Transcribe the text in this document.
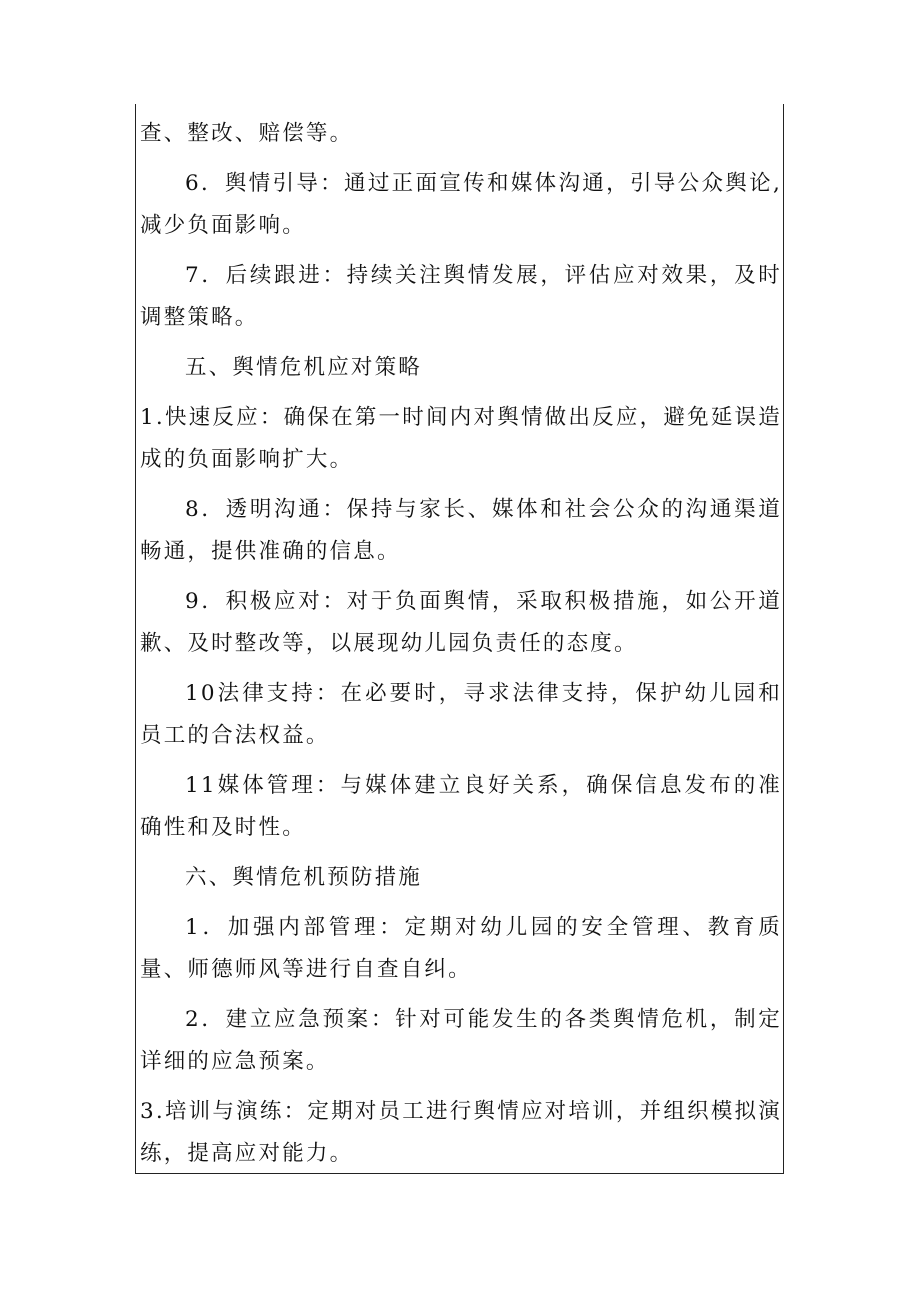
查、整改、赔偿等。

6．舆情引导：通过正面宣传和媒体沟通，引导公众舆论,减少负面影响。

7．后续跟进：持续关注舆情发展，评估应对效果，及时调整策略。

五、舆情危机应对策略

1.快速反应：确保在第一时间内对舆情做出反应，避免延误造成的负面影响扩大。

8．透明沟通：保持与家长、媒体和社会公众的沟通渠道畅通，提供准确的信息。

9．积极应对：对于负面舆情，采取积极措施，如公开道歉、及时整改等，以展现幼儿园负责任的态度。

10法律支持：在必要时，寻求法律支持，保护幼儿园和员工的合法权益。

11媒体管理：与媒体建立良好关系，确保信息发布的准确性和及时性。

六、舆情危机预防措施

1．加强内部管理：定期对幼儿园的安全管理、教育质量、师德师风等进行自查自纠。

2．建立应急预案：针对可能发生的各类舆情危机，制定详细的应急预案。

3.培训与演练：定期对员工进行舆情应对培训，并组织模拟演练，提高应对能力。
